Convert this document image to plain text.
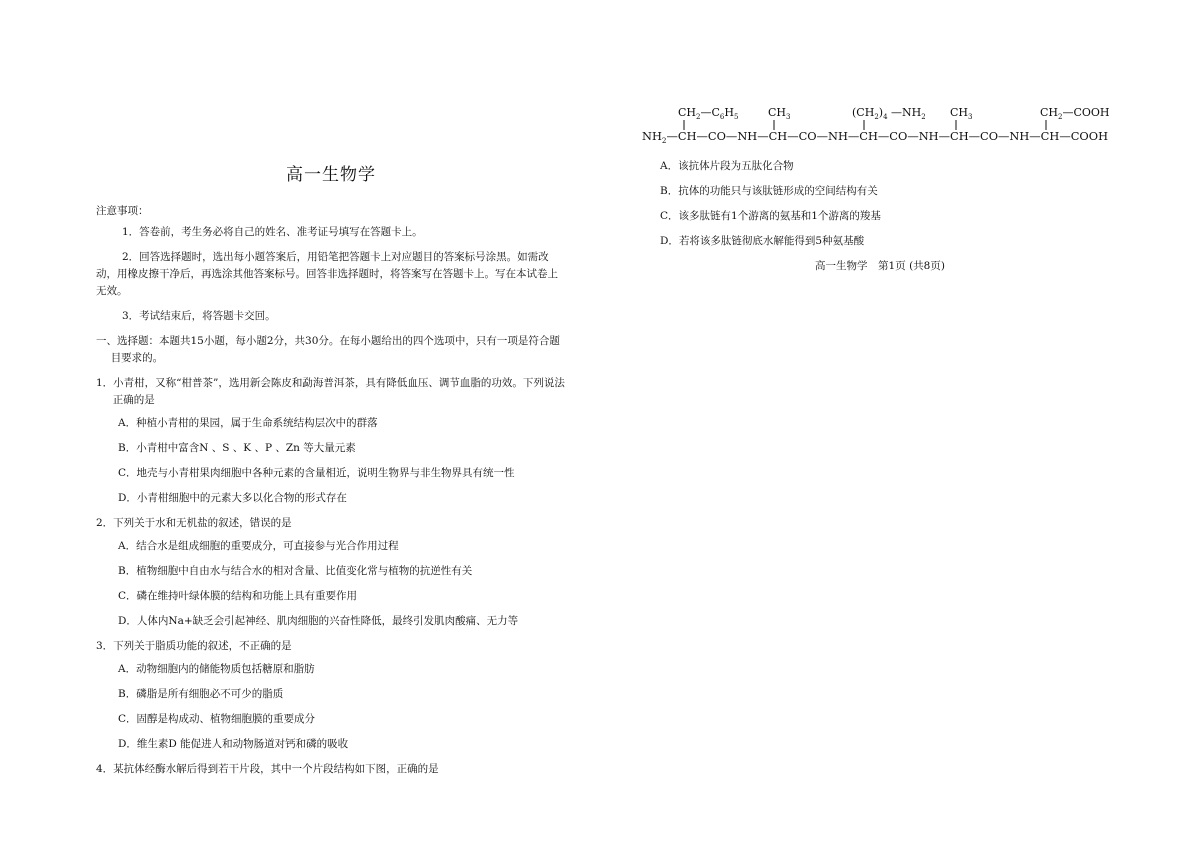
高一生物学
注意事项：
1．答卷前，考生务必将自己的姓名、准考证号填写在答题卡上。
2．回答选择题时，选出每小题答案后，用铅笔把答题卡上对应题目的答案标号涂黑。如需改动，用橡皮擦干净后，再选涂其他答案标号。回答非选择题时，将答案写在答题卡上。写在本试卷上无效。
3．考试结束后，将答题卡交回。
一、选择题：本题共15小题，每小题2分，共30分。在每小题给出的四个选项中，只有一项是符合题目要求的。
1．小青柑，又称“柑普茶”，选用新会陈皮和勐海普洱茶，具有降低血压、调节血脂的功效。下列说法正确的是
A．种植小青柑的果园，属于生命系统结构层次中的群落
B．小青柑中富含N 、S 、K 、P 、Zn 等大量元素
C．地壳与小青柑果肉细胞中各种元素的含量相近，说明生物界与非生物界具有统一性
D．小青柑细胞中的元素大多以化合物的形式存在
2．下列关于水和无机盐的叙述，错误的是
A．结合水是组成细胞的重要成分，可直接参与光合作用过程
B．植物细胞中自由水与结合水的相对含量、比值变化常与植物的抗逆性有关
C．磷在维持叶绿体膜的结构和功能上具有重要作用
D．人体内Na+缺乏会引起神经、肌肉细胞的兴奋性降低，最终引发肌肉酸痛、无力等
3．下列关于脂质功能的叙述，不正确的是
A．动物细胞内的储能物质包括糖原和脂肪
B．磷脂是所有细胞必不可少的脂质
C．固醇是构成动、植物细胞膜的重要成分
D．维生素D 能促进人和动物肠道对钙和磷的吸收
4．某抗体经酶水解后得到若干片段，其中一个片段结构如下图，正确的是
$CH_2—C_6H_5$	$CH_3$	$(CH_2)_4$ $—NH_2$ $CH_3$	$CH_2—COOH$
$NH_2—CH—CO—NH—CH—CO—NH—CH—CO—NH—CH—CO—NH—CH—COOH$
A．该抗体片段为五肽化合物
B．抗体的功能只与该肽链形成的空间结构有关
C．该多肽链有1个游离的氨基和1个游离的羧基
D．若将该多肽链彻底水解能得到5种氨基酸
高一生物学　第1页 (共8页)
